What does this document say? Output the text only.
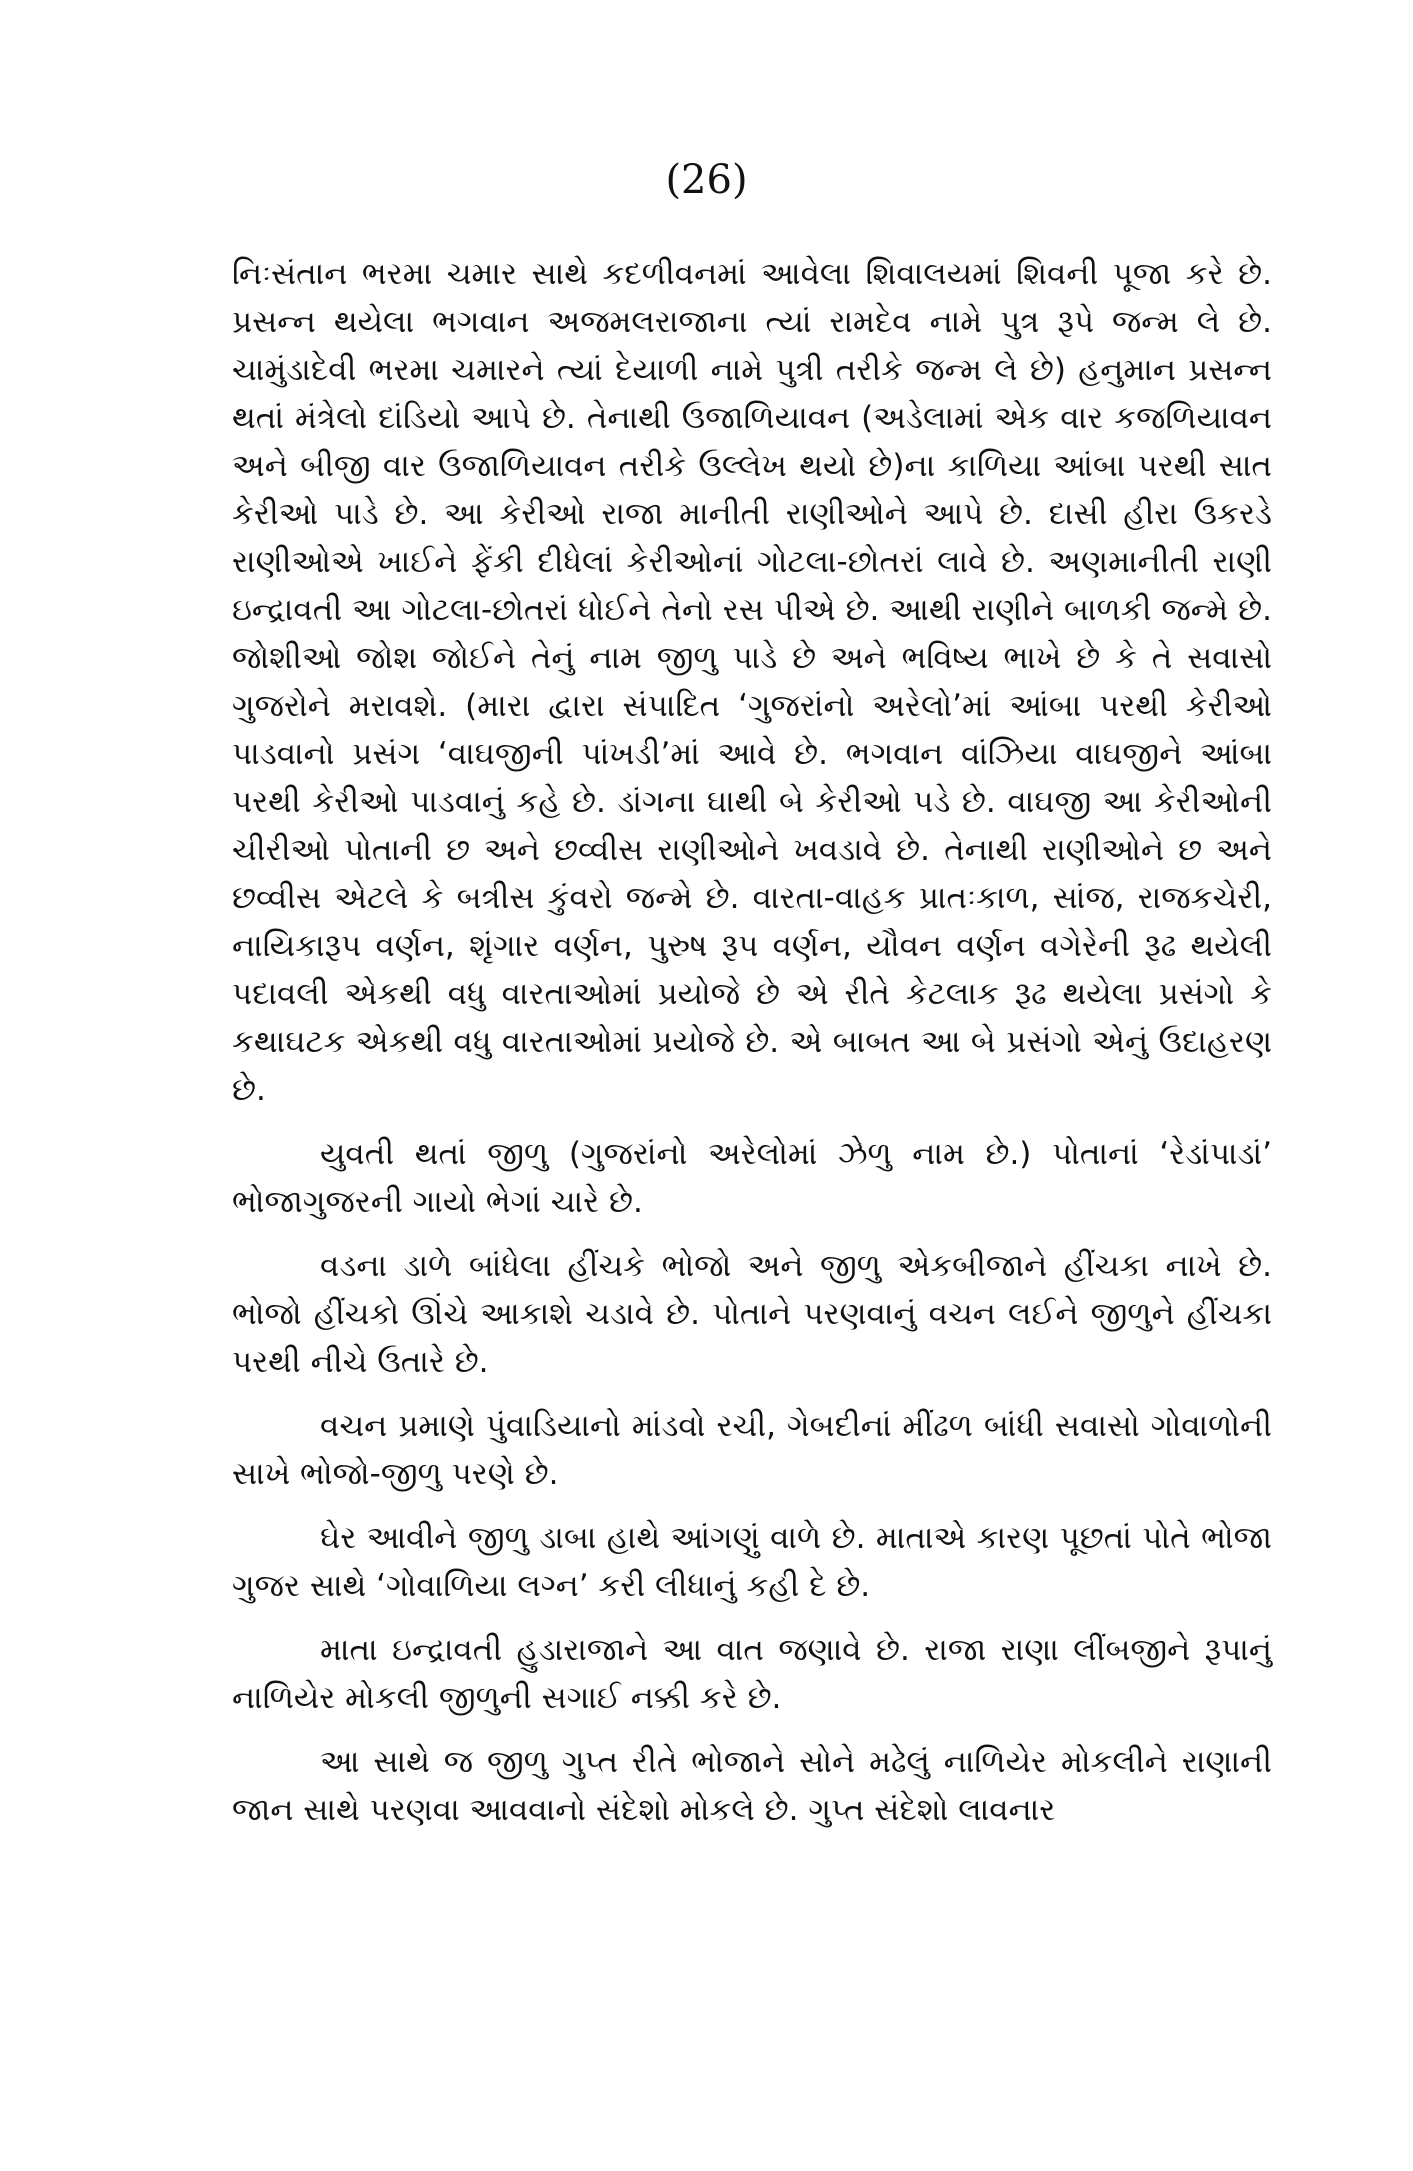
(26)

નિઃસંતાન ભરમા ચમાર સાથે કદળીવનમાં આવેલા શિવાલયમાં શિવની પૂજા કરે છે. પ્રસન્ન થયેલા ભગવાન અજમલરાજાના ત્યાં રામદેવ નામે પુત્ર રૂપે જન્મ લે છે. ચામુંડાદેવી ભરમા ચમારને ત્યાં દેયાળી નામે પુત્રી તરીકે જન્મ લે છે) હનુમાન પ્રસન્ન થતાં મંત્રેલો દાંડિયો આપે છે. તેનાથી ઉજાળિયાવન (અડેલામાં એક વાર કજળિયાવન અને બીજી વાર ઉજાળિયાવન તરીકે ઉલ્લેખ થયો છે)ના કાળિયા આંબા પરથી સાત કેરીઓ પાડે છે. આ કેરીઓ રાજા માનીતી રાણીઓને આપે છે. દાસી હીરા ઉકરડે રાણીઓએ ખાઈને ફેંકી દીધેલાં કેરીઓનાં ગોટલા-છોતરાં લાવે છે. અણમાનીતી રાણી ઇન્દ્રાવતી આ ગોટલા-છોતરાં ધોઈને તેનો રસ પીએ છે. આથી રાણીને બાળકી જન્મે છે. જોશીઓ જોશ જોઈને તેનું નામ જીળુ પાડે છે અને ભવિષ્ય ભાખે છે કે તે સવાસો ગુજરોને મરાવશે. (મારા દ્વારા સંપાદિત ‘ગુજરાંનો અરેલો’માં આંબા પરથી કેરીઓ પાડવાનો પ્રસંગ ‘વાઘજીની પાંખડી’માં આવે છે. ભગવાન વાંઝિયા વાઘજીને આંબા પરથી કેરીઓ પાડવાનું કહે છે. ડાંગના ઘાથી બે કેરીઓ પડે છે. વાઘજી આ કેરીઓની ચીરીઓ પોતાની છ અને છવ્વીસ રાણીઓને ખવડાવે છે. તેનાથી રાણીઓને છ અને છવ્વીસ એટલે કે બત્રીસ કુંવરો જન્મે છે. વારતા-વાહક પ્રાતઃકાળ, સાંજ, રાજકચેરી, નાયિકારૂપ વર્ણન, શૃંગાર વર્ણન, પુરુષ રૂપ વર્ણન, યૌવન વર્ણન વગેરેની રૂઢ થયેલી પદાવલી એકથી વધુ વારતાઓમાં પ્રયોજે છે એ રીતે કેટલાક રૂઢ થયેલા પ્રસંગો કે કથાઘટક એકથી વધુ વારતાઓમાં પ્રયોજે છે. એ બાબત આ બે પ્રસંગો એનું ઉદાહરણ છે.

યુવતી થતાં જીળુ (ગુજરાંનો અરેલોમાં ઝેળુ નામ છે.) પોતાનાં ‘રેડાંપાડાં’ ભોજાગુજરની ગાયો ભેગાં ચારે છે.

વડના ડાળે બાંધેલા હીંચકે ભોજો અને જીળુ એકબીજાને હીંચકા નાખે છે. ભોજો હીંચકો ઊંચે આકાશે ચડાવે છે. પોતાને પરણવાનું વચન લઈને જીળુને હીંચકા પરથી નીચે ઉતારે છે.

વચન પ્રમાણે પુંવાડિયાનો માંડવો રચી, ગેબદીનાં મીંઢળ બાંધી સવાસો ગોવાળોની સાખે ભોજો-જીળુ પરણે છે.

ઘેર આવીને જીળુ ડાબા હાથે આંગણું વાળે છે. માતાએ કારણ પૂછતાં પોતે ભોજા ગુજર સાથે ‘ગોવાળિયા લગ્ન’ કરી લીધાનું કહી દે છે.

માતા ઇન્દ્રાવતી હુડારાજાને આ વાત જણાવે છે. રાજા રાણા લીંબજીને રૂપાનું નાળિયેર મોકલી જીળુની સગાઈ નક્કી કરે છે.

આ સાથે જ જીળુ ગુપ્ત રીતે ભોજાને સોને મઢેલું નાળિયેર મોકલીને રાણાની જાન સાથે પરણવા આવવાનો સંદેશો મોકલે છે. ગુપ્ત સંદેશો લાવનાર
